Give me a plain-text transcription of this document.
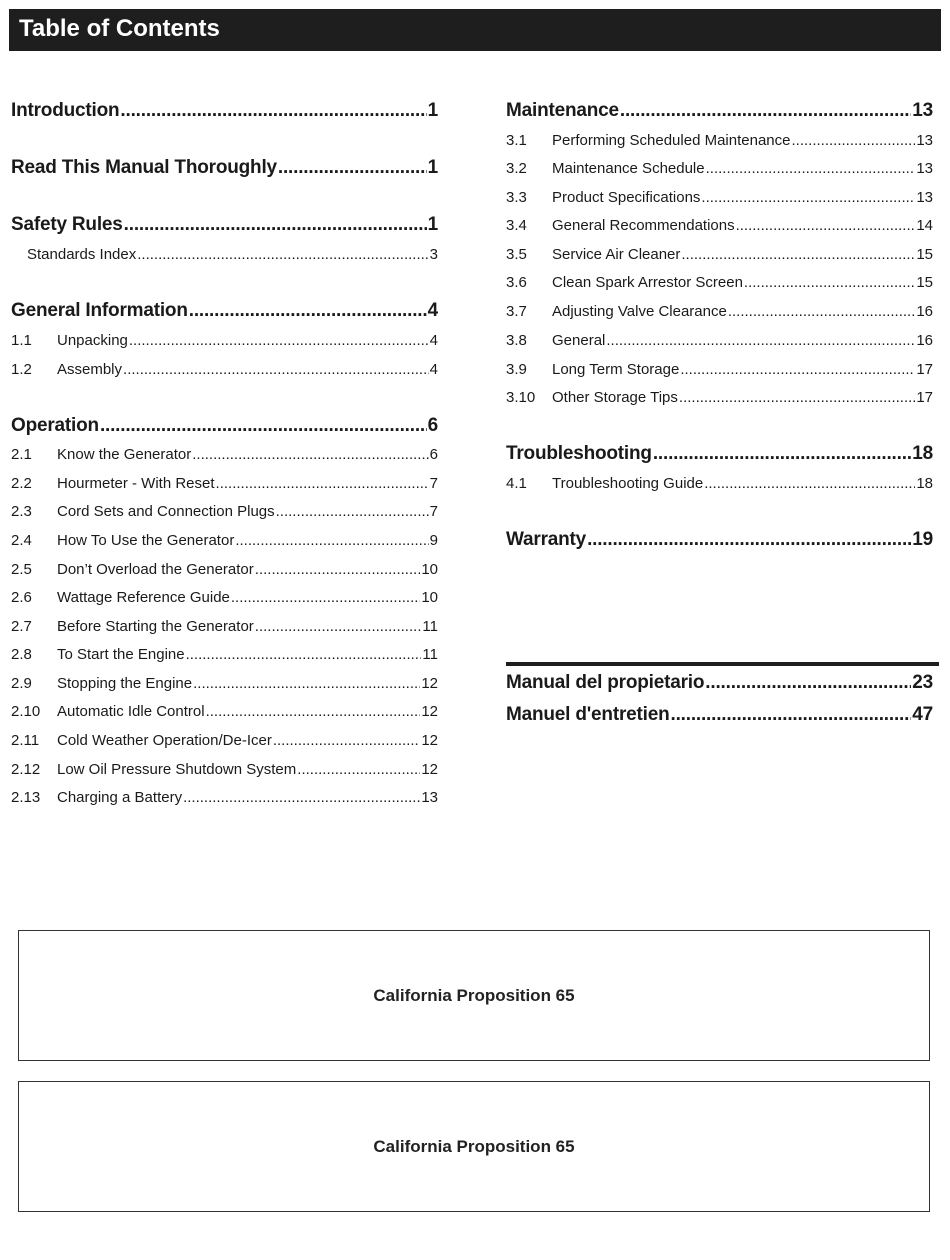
Table of Contents
Introduction .....	1
Read This Manual Thoroughly .....	1
Safety Rules .....	1
Standards Index .....	3
General Information .....	4
1.1	Unpacking .....	4
1.2	Assembly .....	4
Operation .....	6
2.1	Know the Generator .....	6
2.2	Hourmeter - With Reset .....	7
2.3	Cord Sets and Connection Plugs .....	7
2.4	How To Use the Generator .....	9
2.5	Don’t Overload the Generator .....	10
2.6	Wattage Reference Guide .....	10
2.7	Before Starting the Generator .....	11
2.8	To Start the Engine .....	11
2.9	Stopping the Engine .....	12
2.10	Automatic Idle Control .....	12
2.11	Cold Weather Operation/De-Icer .....	12
2.12	Low Oil Pressure Shutdown System .....	12
2.13	Charging a Battery .....	13
Maintenance .....	13
3.1	Performing Scheduled Maintenance .....	13
3.2	Maintenance Schedule .....	13
3.3	Product Specifications .....	13
3.4	General Recommendations .....	14
3.5	Service Air Cleaner .....	15
3.6	Clean Spark Arrestor Screen .....	15
3.7	Adjusting Valve Clearance .....	16
3.8	General .....	16
3.9	Long Term Storage .....	17
3.10	Other Storage Tips .....	17
Troubleshooting .....	18
4.1	Troubleshooting Guide .....	18
Warranty .....	19
Manual del propietario .....	23
Manuel d'entretien .....	47
California Proposition 65
California Proposition 65
